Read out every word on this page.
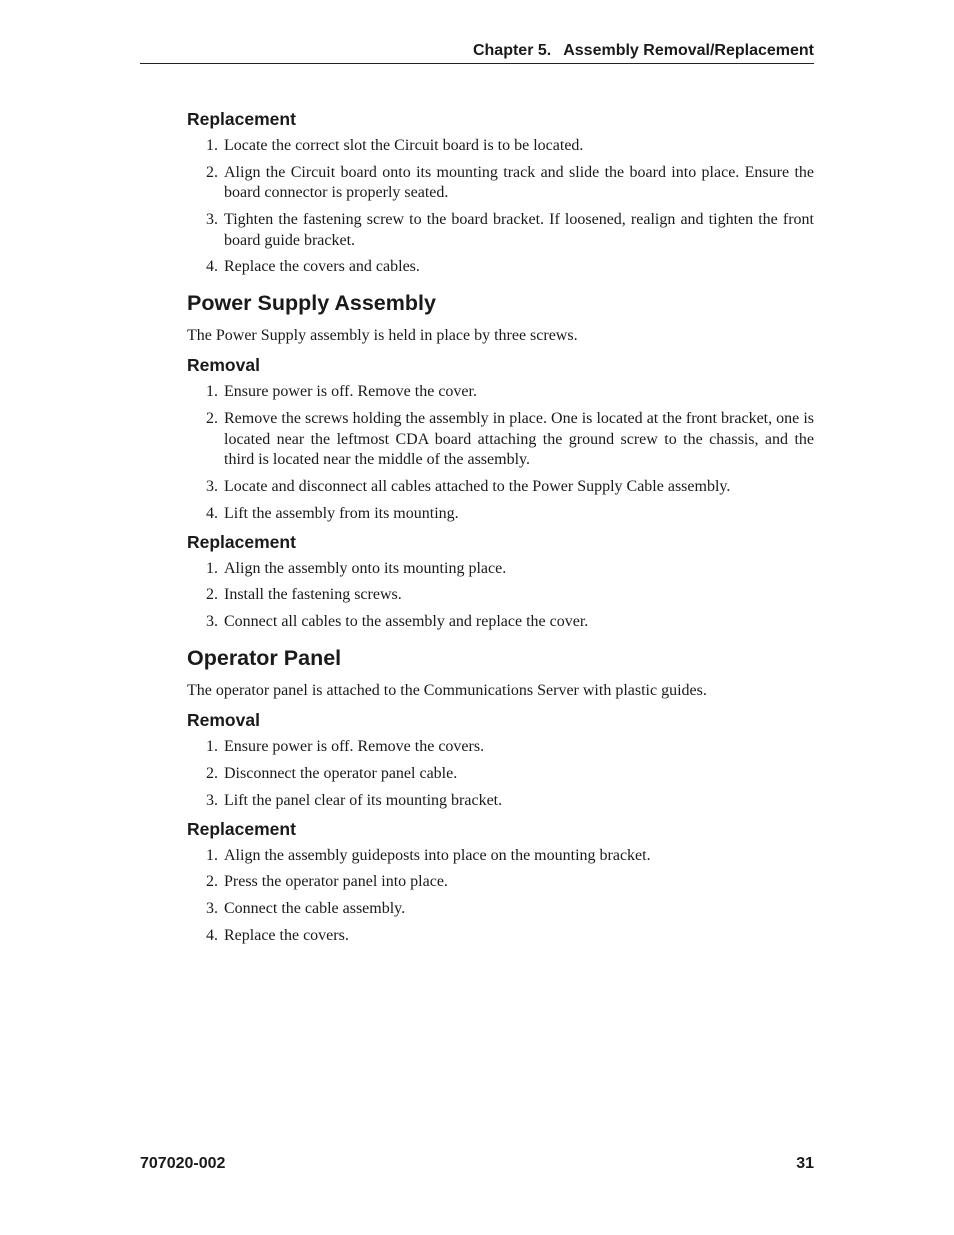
Chapter 5. Assembly Removal/Replacement
Replacement
1. Locate the correct slot the Circuit board is to be located.
2. Align the Circuit board onto its mounting track and slide the board into place. Ensure the board connector is properly seated.
3. Tighten the fastening screw to the board bracket. If loosened, realign and tighten the front board guide bracket.
4. Replace the covers and cables.
Power Supply Assembly

The Power Supply assembly is held in place by three screws.

Removal
1. Ensure power is off. Remove the cover.
2. Remove the screws holding the assembly in place. One is located at the front bracket, one is located near the leftmost CDA board attaching the ground screw to the chassis, and the third is located near the middle of the assembly.
3. Locate and disconnect all cables attached to the Power Supply Cable assembly.
4. Lift the assembly from its mounting.
Replacement
1. Align the assembly onto its mounting place.
2. Install the fastening screws.
3. Connect all cables to the assembly and replace the cover.
Operator Panel

The operator panel is attached to the Communications Server with plastic guides.

Removal
1. Ensure power is off. Remove the covers.
2. Disconnect the operator panel cable.
3. Lift the panel clear of its mounting bracket.
Replacement
1. Align the assembly guideposts into place on the mounting bracket.
2. Press the operator panel into place.
3. Connect the cable assembly.
4. Replace the covers.
707020-002	31
